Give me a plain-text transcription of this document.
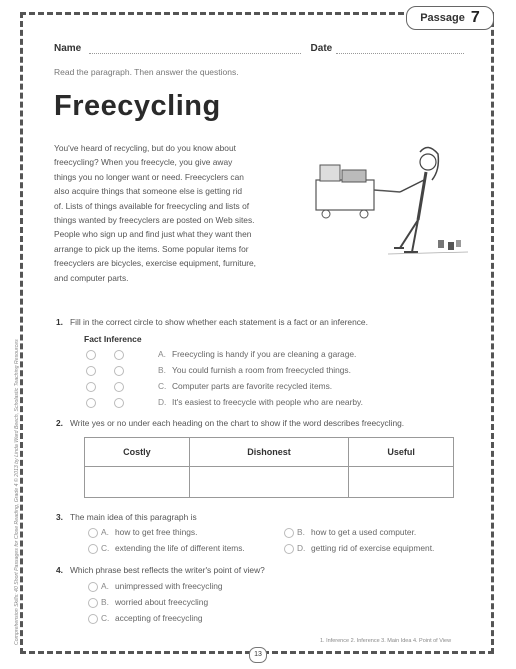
Passage 7
Name	Date
Read the paragraph. Then answer the questions.
Freecycling
You've heard of recycling, but do you know about
freecycling? When you freecycle, you give away
things you no longer want or need. Freecyclers can
also acquire things that someone else is getting rid
of. Lists of things available for freecycling and lists of
things wanted by freecyclers are posted on Web sites.
People who sign up and find just what they want then
arrange to pick up the items. Some popular items for
freecyclers are bicycles, exercise equipment, furniture,
and computer parts.
1. Fill in the correct circle to show whether each statement is a fact or an inference.
Fact Inference
A. Freecycling is handy if you are cleaning a garage.
B. You could furnish a room from freecycled things.
C. Computer parts are favorite recycled items.
D. It's easiest to freecycle with people who are nearby.
2. Write yes or no under each heading on the chart to show if the word describes freecycling.
Costly	Dishonest	Useful

3. The main idea of this paragraph is
A. how to get free things.	B. how to get a used computer.
C. extending the life of different items.	D. getting rid of exercise equipment.
4. Which phrase best reflects the writer's point of view?
A. unimpressed with freecycling
B. worried about freecycling
C. accepting of freecycling
Comprehension Skills: 40 Short Passages for Close Reading, Grade 4 © 2013 by Linda Ward Beech, Scholastic Teaching Resources	1. Inference 2. Inference 3. Main Idea 4. Point of View
13
